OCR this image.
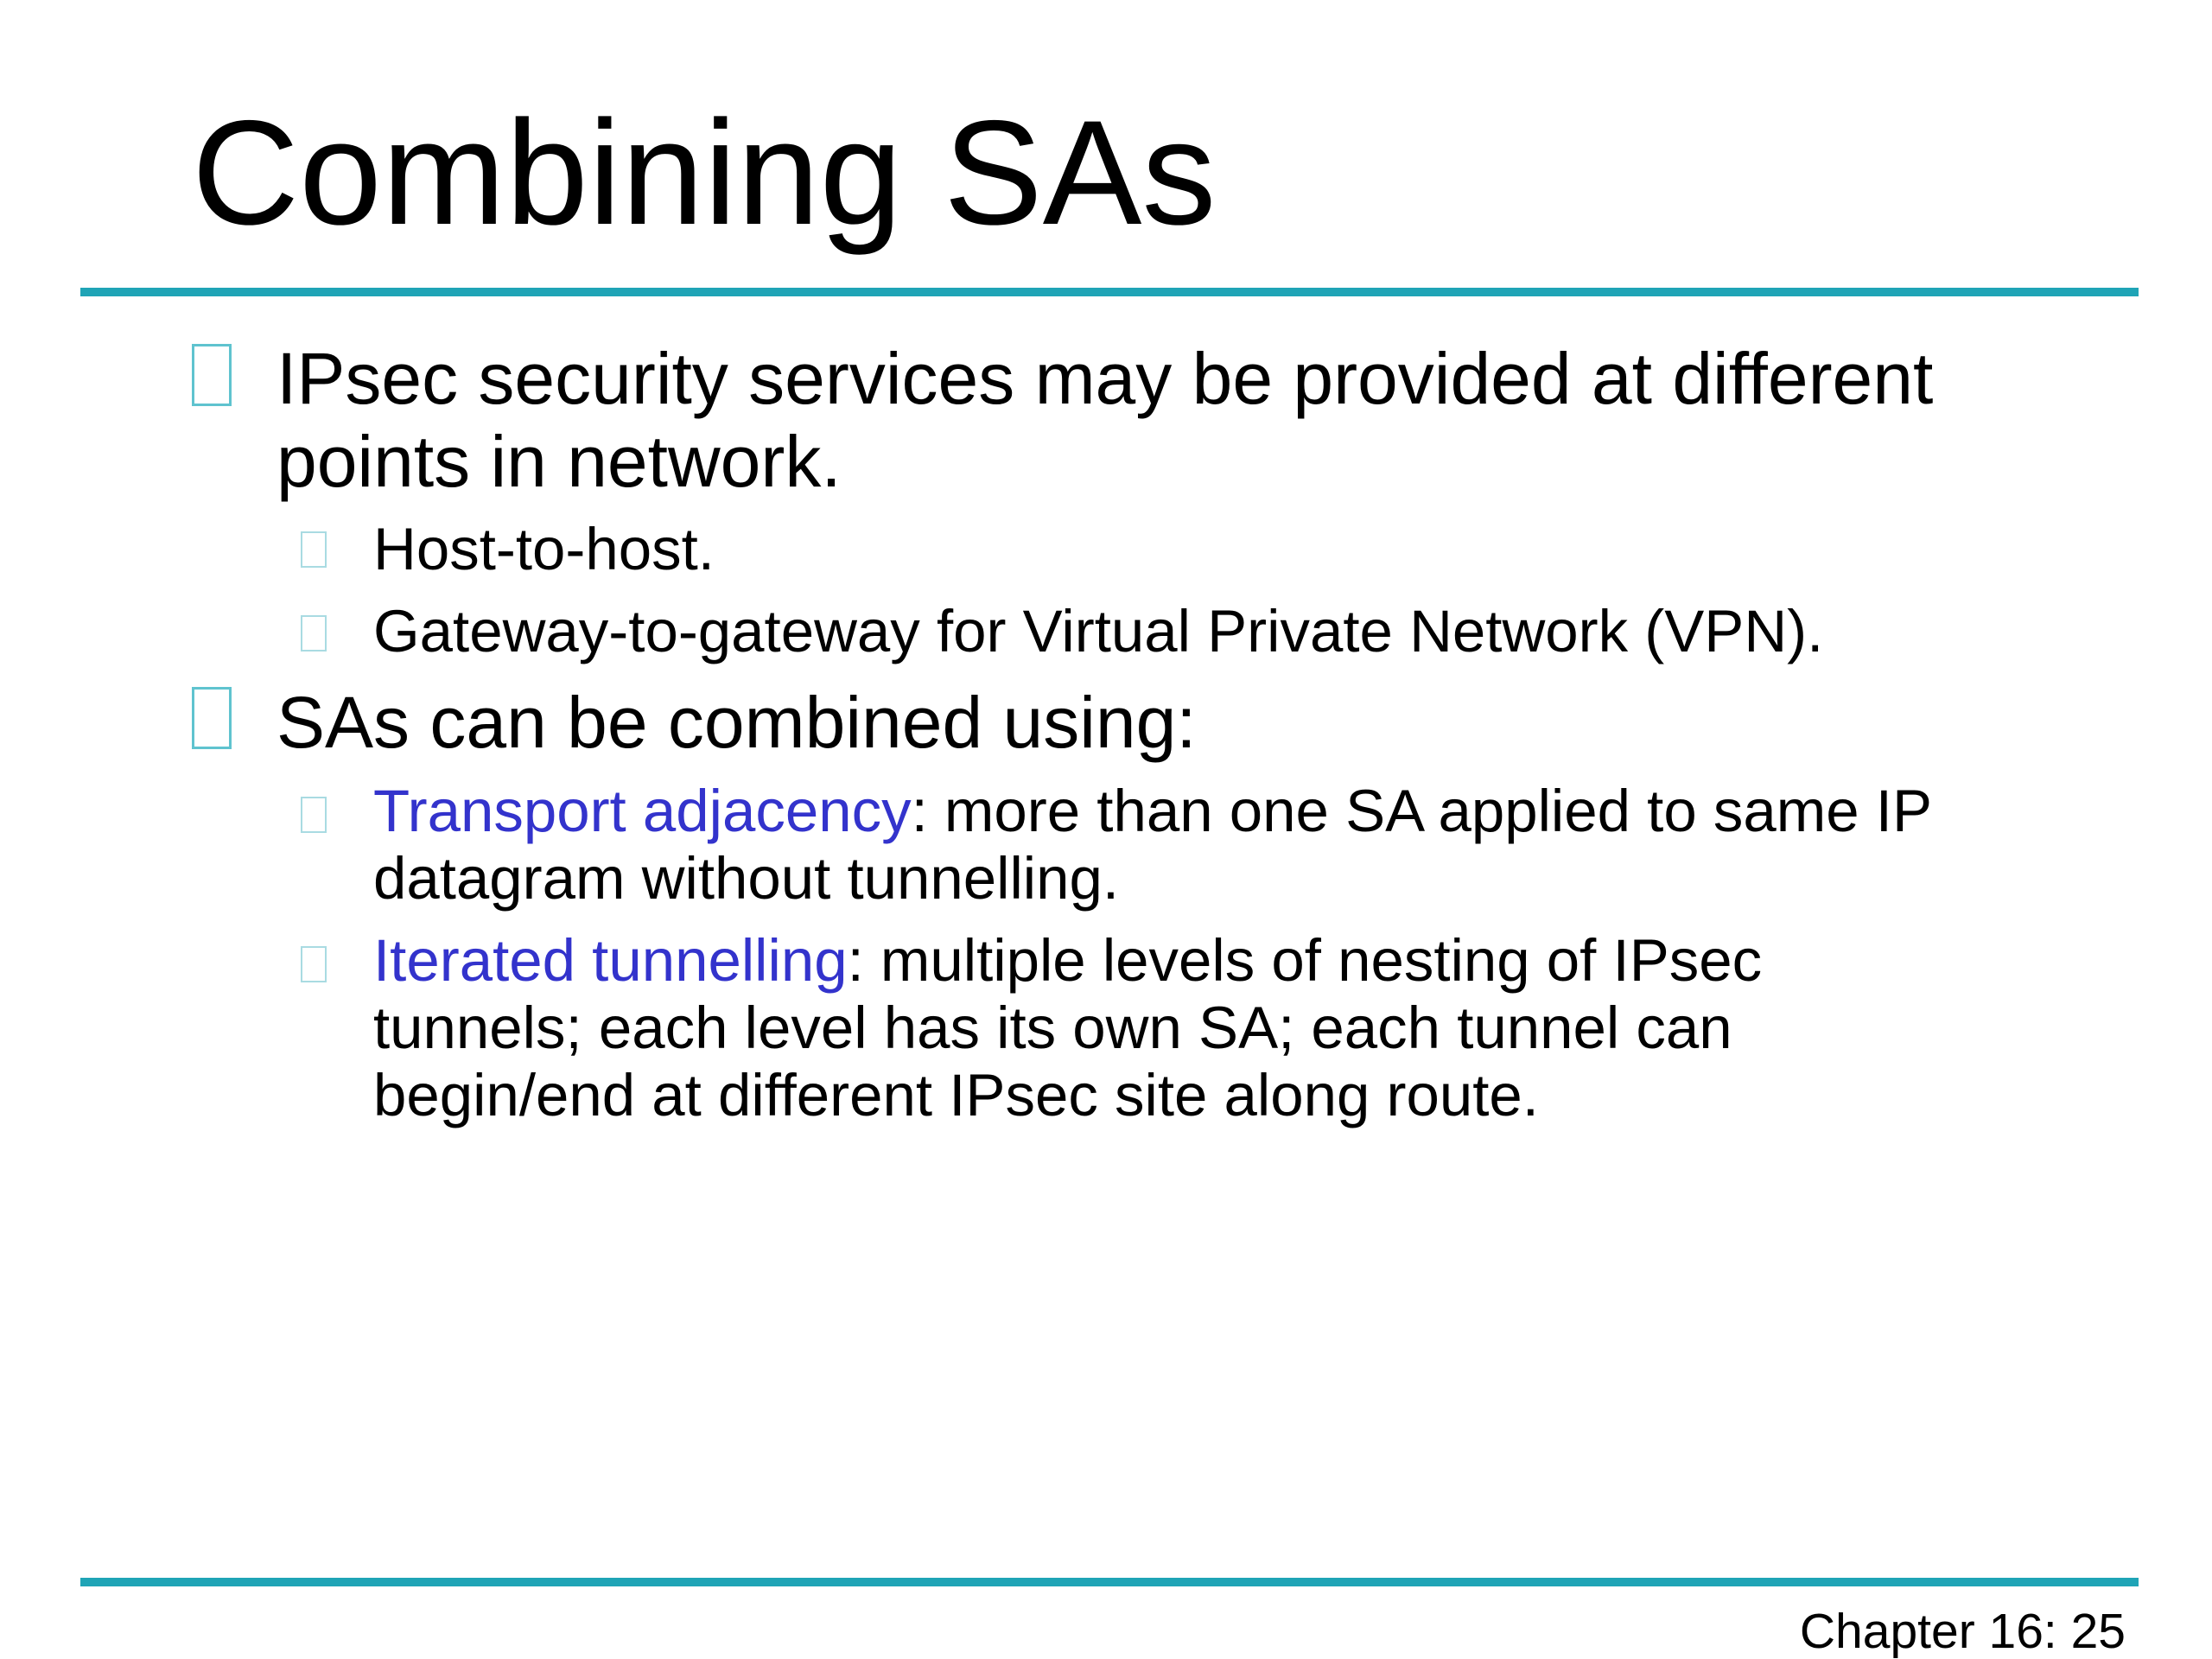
Combining SAs
IPsec security services may be provided at different
points in network.
Host-to-host.
Gateway-to-gateway for Virtual Private Network (VPN).
SAs can be combined using:
Transport adjacency: more than one SA applied to same IP
datagram without tunnelling.
Iterated tunnelling: multiple levels of nesting of IPsec
tunnels; each level has its own SA; each tunnel can
begin/end at different IPsec site along route.
Chapter 16: 25
